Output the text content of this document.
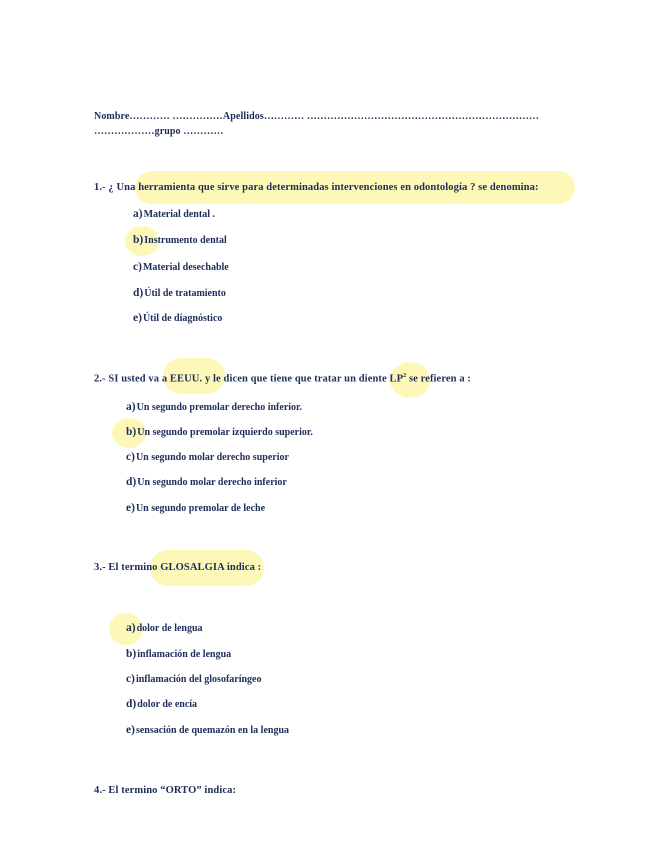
Nombre………… ……………Apellidos………… ……………………………………………………………
………………grupo …………
1.- ¿ Una herramienta que sirve para determinadas intervenciones en odontología ? se denomina:
a)Material dental .
b)Instrumento dental
c)Material desechable
d)Útil de tratamiento
e)Útil de diagnóstico
2.- SI usted va a EEUU. y le dicen que tiene que tratar un diente $LP^2$ se refieren a :
a)Un segundo premolar derecho inferior.
b)Un segundo premolar izquierdo superior.
c)Un segundo molar derecho superior
d)Un segundo molar derecho inferior
e)Un segundo premolar de leche
3.- El termino GLOSALGIA indica :
a)dolor de lengua
b)inflamación de lengua
c)inflamación del glosofaríngeo
d)dolor de encía
e)sensación de quemazón en la lengua
4.- El termino “ORTO” indica:
